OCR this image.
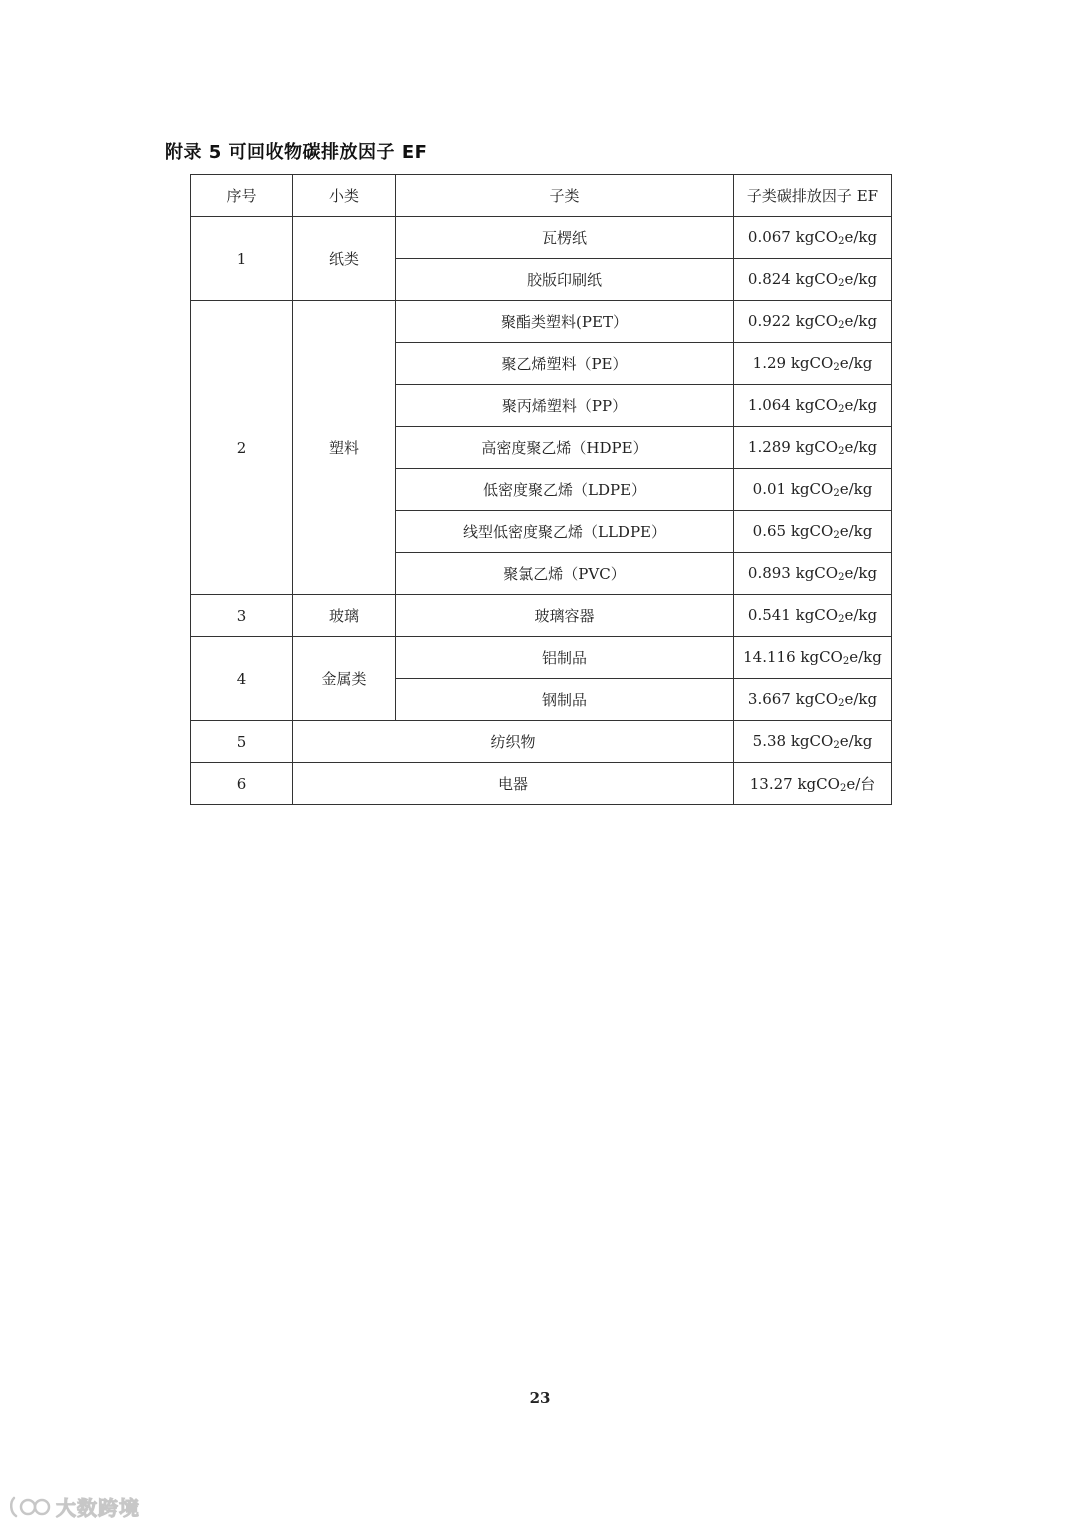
附录 5 可回收物碳排放因子 EF
序号	小类	子类	子类碳排放因子 EF
1	纸类	瓦楞纸	0.067 kgCO$_2$e/kg
		胶版印刷纸	0.824 kgCO$_2$e/kg
2	塑料	聚酯类塑料(PET）	0.922 kgCO$_2$e/kg
		聚乙烯塑料（PE）	1.29 kgCO$_2$e/kg
		聚丙烯塑料（PP）	1.064 kgCO$_2$e/kg
		高密度聚乙烯（HDPE）	1.289 kgCO$_2$e/kg
		低密度聚乙烯（LDPE）	0.01 kgCO$_2$e/kg
		线型低密度聚乙烯（LLDPE）	0.65 kgCO$_2$e/kg
		聚氯乙烯（PVC）	0.893 kgCO$_2$e/kg
3	玻璃	玻璃容器	0.541 kgCO$_2$e/kg
4	金属类	铝制品	14.116 kgCO$_2$e/kg
		钢制品	3.667 kgCO$_2$e/kg
5	纺织物		5.38 kgCO$_2$e/kg
6	电器		13.27 kgCO$_2$e/台
23
大数跨境
